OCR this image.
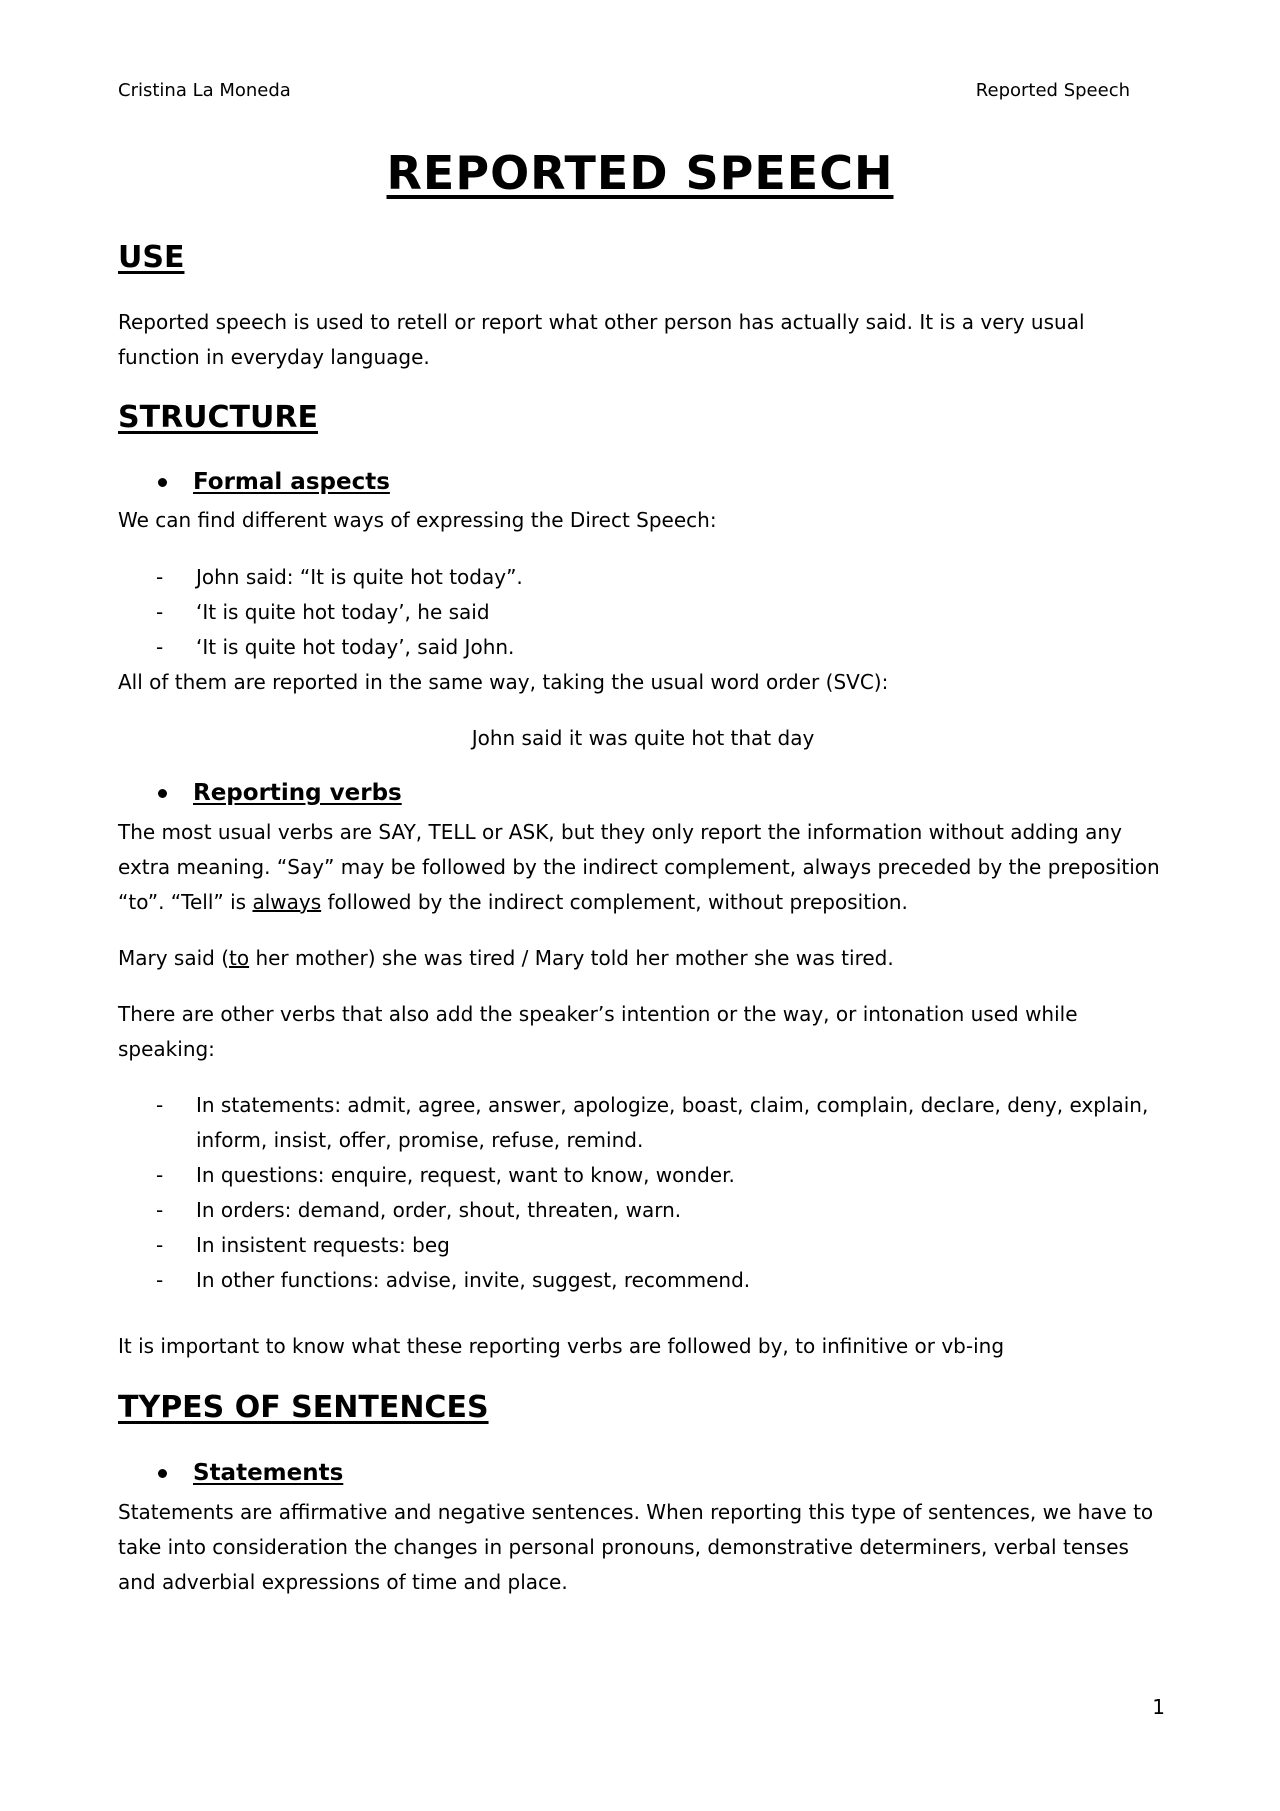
Cristina La Moneda	Reported Speech
REPORTED SPEECH
USE
Reported speech is used to retell or report what other person has actually said. It is a very usual function in everyday language.
STRUCTURE
Formal aspects
We can find different ways of expressing the Direct Speech:
- John said: “It is quite hot today”.
- ‘It is quite hot today’, he said
- ‘It is quite hot today’, said John.
All of them are reported in the same way, taking the usual word order (SVC):
John said it was quite hot that day
Reporting verbs
The most usual verbs are SAY, TELL or ASK, but they only report the information without adding any extra meaning. “Say” may be followed by the indirect complement, always preceded by the preposition “to”. “Tell” is always followed by the indirect complement, without preposition.
Mary said (to her mother) she was tired / Mary told her mother she was tired.
There are other verbs that also add the speaker’s intention or the way, or intonation used while speaking:
- In statements: admit, agree, answer, apologize, boast, claim, complain, declare, deny, explain, inform, insist, offer, promise, refuse, remind.
- In questions: enquire, request, want to know, wonder.
- In orders: demand, order, shout, threaten, warn.
- In insistent requests: beg
- In other functions: advise, invite, suggest, recommend.
It is important to know what these reporting verbs are followed by, to infinitive or vb-ing
TYPES OF SENTENCES
Statements
Statements are affirmative and negative sentences. When reporting this type of sentences, we have to take into consideration the changes in personal pronouns, demonstrative determiners, verbal tenses and adverbial expressions of time and place.
1
